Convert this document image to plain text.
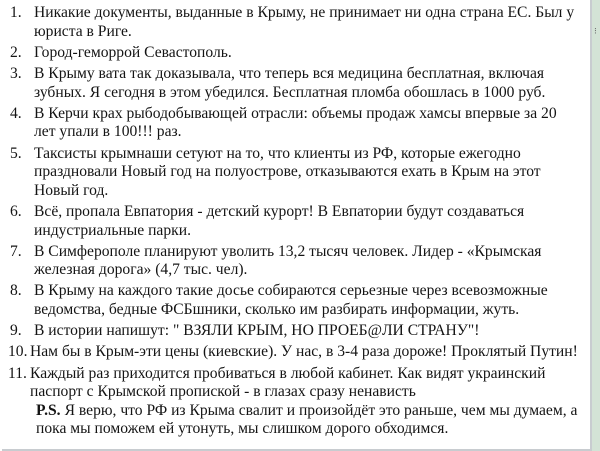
1. Никакие документы, выданные в Крыму, не принимает ни одна страна ЕС. Был у юриста в Риге.
2. Город-геморрой Севастополь.
3. В Крыму вата так доказывала, что теперь вся медицина бесплатная, включая зубных. Я сегодня в этом убедился. Бесплатная пломба обошлась в 1000 руб.
4. В Керчи крах рыбодобывающей отрасли: объемы продаж хамсы впервые за 20 лет упали в 100!!! раз.
5. Таксисты крымнаши сетуют на то, что клиенты из РФ, которые ежегодно праздновали Новый год на полуострове, отказываются ехать в Крым на этот Новый год.
6. Всё, пропала Евпатория - детский курорт! В Евпатории будут создаваться индустриальные парки.
7. В Симферополе планируют уволить 13,2 тысяч человек. Лидер - «Крымская железная дорога» (4,7 тыс. чел).
8. В Крыму на каждого такие досье собираются серьезные через всевозможные ведомства, бедные ФСБшники, сколько им разбирать информации, жуть.
9. В истории напишут: " ВЗЯЛИ КРЫМ, НО ПРОЕБ@ЛИ СТРАНУ"!
10. Нам бы в Крым-эти цены (киевские). У нас, в 3-4 раза дороже! Проклятый Путин!
11. Каждый раз приходится пробиваться в любой кабинет. Как видят украинский паспорт с Крымской пропиской - в глазах сразу ненависть
P.S. Я верю, что РФ из Крыма свалит и произойдёт это раньше, чем мы думаем, а пока мы поможем ей утонуть, мы слишком дорого обходимся.
⁝
